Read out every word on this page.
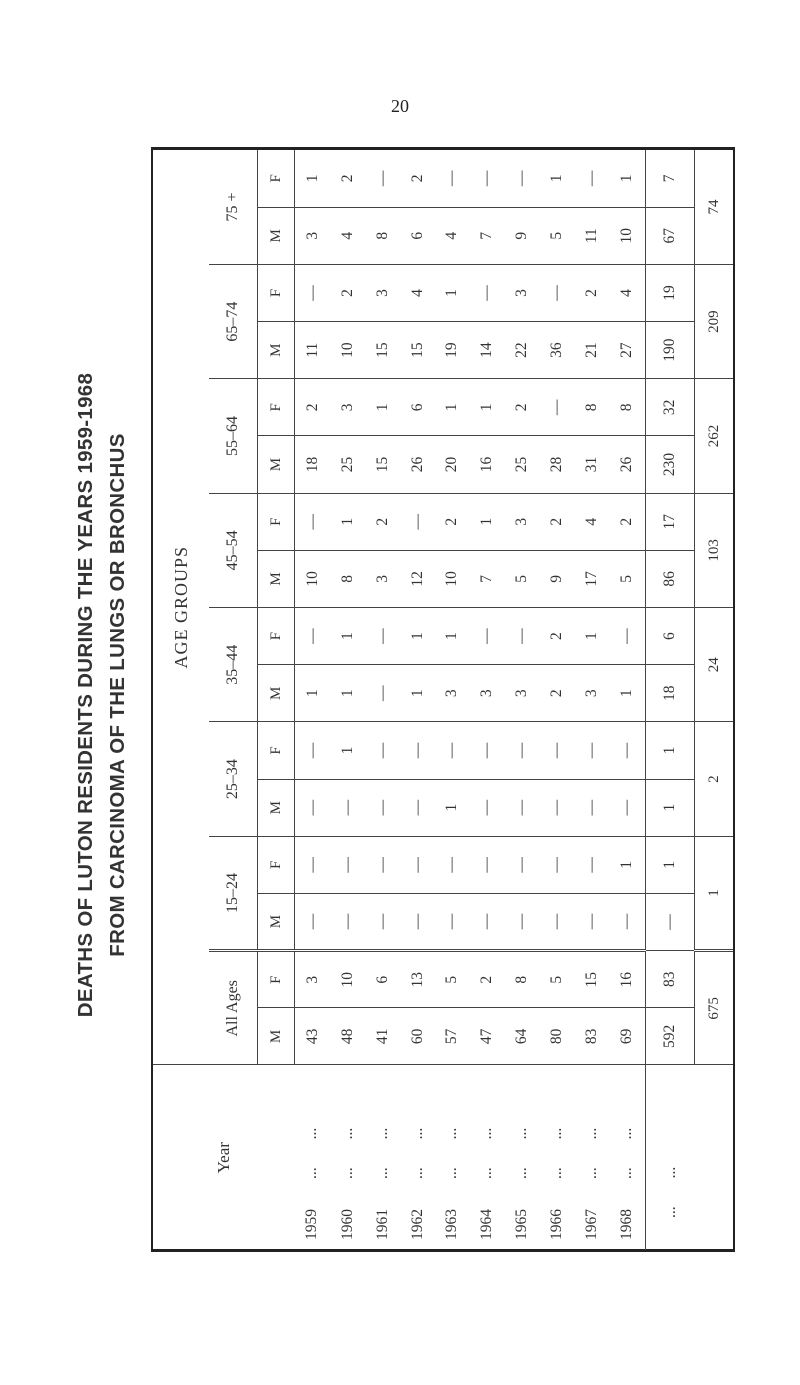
20
DEATHS OF LUTON RESIDENTS DURING THE YEARS 1959-1968 FROM CARCINOMA OF THE LUNGS OR BRONCHUS
Year	AGE GROUPS															
	All Ages		15–24		25–34		35–44		45–54		55–64		65–74		75 +	
	M	F	M	F	M	F	M	F	M	F	M	F	M	F	M	F
1959......	43	3	—	—	—	—	1	—	10	—	18	2	11	—	3	1
1960......	48	10	—	—	—	1	1	1	8	1	25	3	10	2	4	2
1961......	41	6	—	—	—	—	—	—	3	2	15	1	15	3	8	—
1962......	60	13	—	—	—	—	1	1	12	—	26	6	15	4	6	2
1963......	57	5	—	—	1	—	3	1	10	2	20	1	19	1	4	—
1964......	47	2	—	—	—	—	3	—	7	1	16	1	14	—	7	—
1965......	64	8	—	—	—	—	3	—	5	3	25	2	22	3	9	—
1966......	80	5	—	—	—	—	2	2	9	2	28	—	36	—	5	1
1967......	83	15	—	—	—	—	3	1	17	4	31	8	21	2	11	—
1968......	69	16	—	1	—	—	1	—	5	2	26	8	27	4	10	1
......	592	83	—	1	1	1	18	6	86	17	230	32	190	19	67	7
	675		1		2		24		103		262		209		74	
